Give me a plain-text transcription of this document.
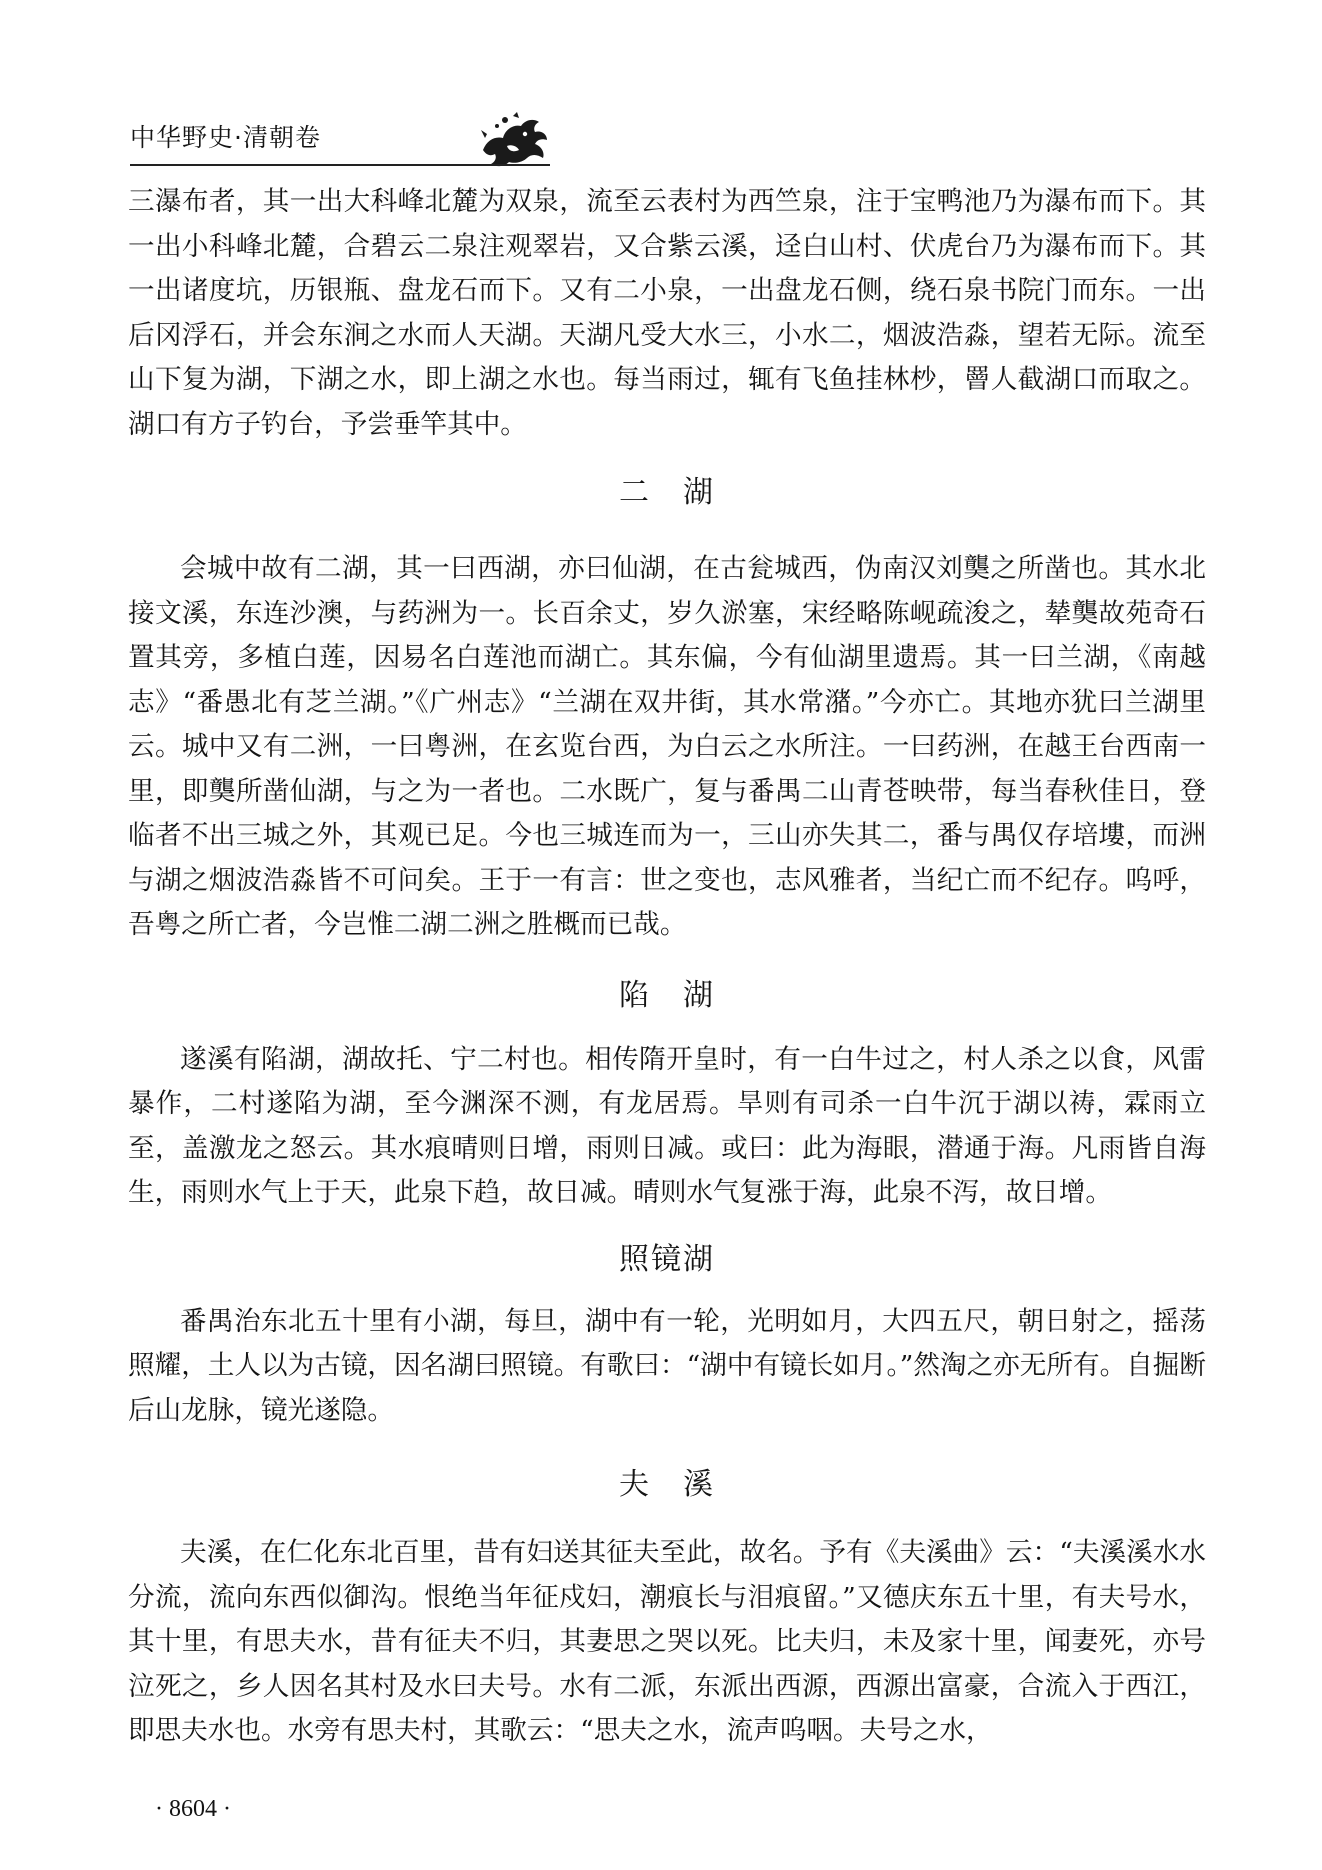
中华野史·清朝卷

三瀑布者，其一出大科峰北麓为双泉，流至云表村为西竺泉，注于宝鸭池乃为瀑布而下。其一出小科峰北麓，合碧云二泉注观翠岩，又合紫云溪，迳白山村、伏虎台乃为瀑布而下。其一出诸度坑，历银瓶、盘龙石而下。又有二小泉，一出盘龙石侧，绕石泉书院门而东。一出后冈浮石，并会东涧之水而人天湖。天湖凡受大水三，小水二，烟波浩淼，望若无际。流至山下复为湖，下湖之水，即上湖之水也。每当雨过，辄有飞鱼挂林杪，罾人截湖口而取之。湖口有方子钓台，予尝垂竿其中。

二　湖

会城中故有二湖，其一曰西湖，亦曰仙湖，在古瓮城西，伪南汉刘龑之所凿也。其水北接文溪，东连沙澳，与药洲为一。长百余丈，岁久淤塞，宋经略陈岘疏浚之，辇龑故苑奇石置其旁，多植白莲，因易名白莲池而湖亡。其东偏，今有仙湖里遗焉。其一曰兰湖，《南越志》“番愚北有芝兰湖。”《广州志》“兰湖在双井街，其水常潴。”今亦亡。其地亦犹曰兰湖里云。城中又有二洲，一曰粤洲，在玄览台西，为白云之水所注。一曰药洲，在越王台西南一里，即龑所凿仙湖，与之为一者也。二水既广，复与番禺二山青苍映带，每当春秋佳日，登临者不出三城之外，其观已足。今也三城连而为一，三山亦失其二，番与禺仅存培塿，而洲与湖之烟波浩淼皆不可问矣。王于一有言：世之变也，志风雅者，当纪亡而不纪存。呜呼，吾粤之所亡者，今岂惟二湖二洲之胜概而已哉。

陷　湖

遂溪有陷湖，湖故托、宁二村也。相传隋开皇时，有一白牛过之，村人杀之以食，风雷暴作，二村遂陷为湖，至今渊深不测，有龙居焉。旱则有司杀一白牛沉于湖以祷，霖雨立至，盖激龙之怒云。其水痕晴则日增，雨则日减。或曰：此为海眼，潜通于海。凡雨皆自海生，雨则水气上于天，此泉下趋，故日减。晴则水气复涨于海，此泉不泻，故日增。

照镜湖

番禺治东北五十里有小湖，每旦，湖中有一轮，光明如月，大四五尺，朝日射之，摇荡照耀，土人以为古镜，因名湖曰照镜。有歌曰：“湖中有镜长如月。”然淘之亦无所有。自掘断后山龙脉，镜光遂隐。

夫　溪

夫溪，在仁化东北百里，昔有妇送其征夫至此，故名。予有《夫溪曲》云：“夫溪溪水水分流，流向东西似御沟。恨绝当年征戍妇，潮痕长与泪痕留。”又德庆东五十里，有夫号水，其十里，有思夫水，昔有征夫不归，其妻思之哭以死。比夫归，未及家十里，闻妻死，亦号泣死之，乡人因名其村及水曰夫号。水有二派，东派出西源，西源出富豪，合流入于西江，即思夫水也。水旁有思夫村，其歌云：“思夫之水，流声呜咽。夫号之水，

· 8604 ·
